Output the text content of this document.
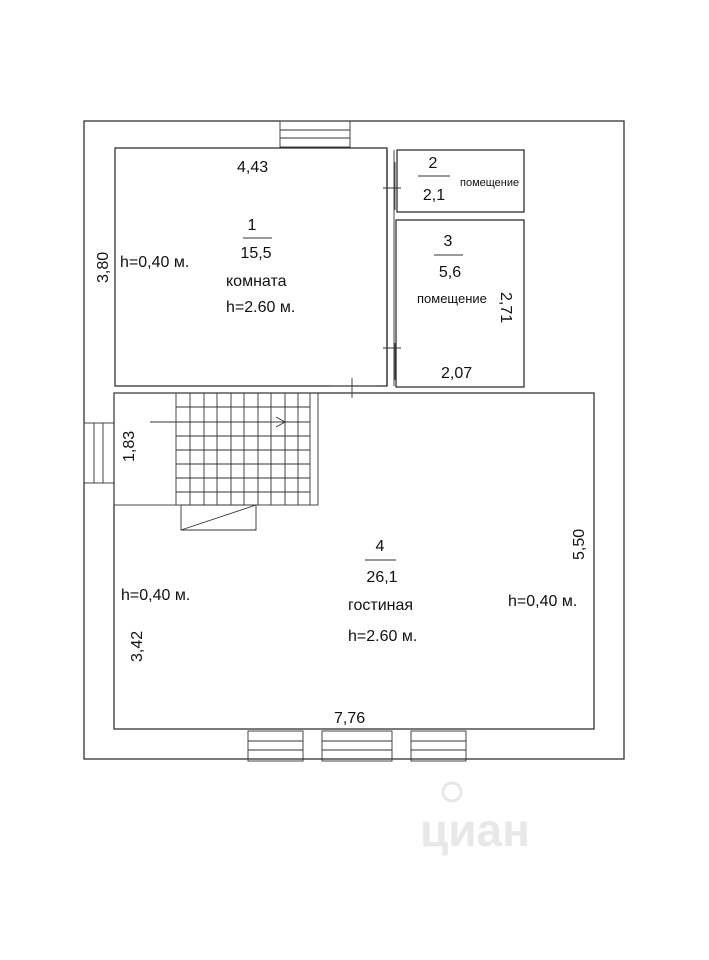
циан
1
15,5
комната
h=2.60 м.
h=0,40 м.
4,43
3,80
2
2,1
помещение
3
5,6
помещение
2,07
2,71
1,83
4
26,1
гостиная
h=2.60 м.
h=0,40 м.	h=0,40 м.
7,76
5,50
3,42
